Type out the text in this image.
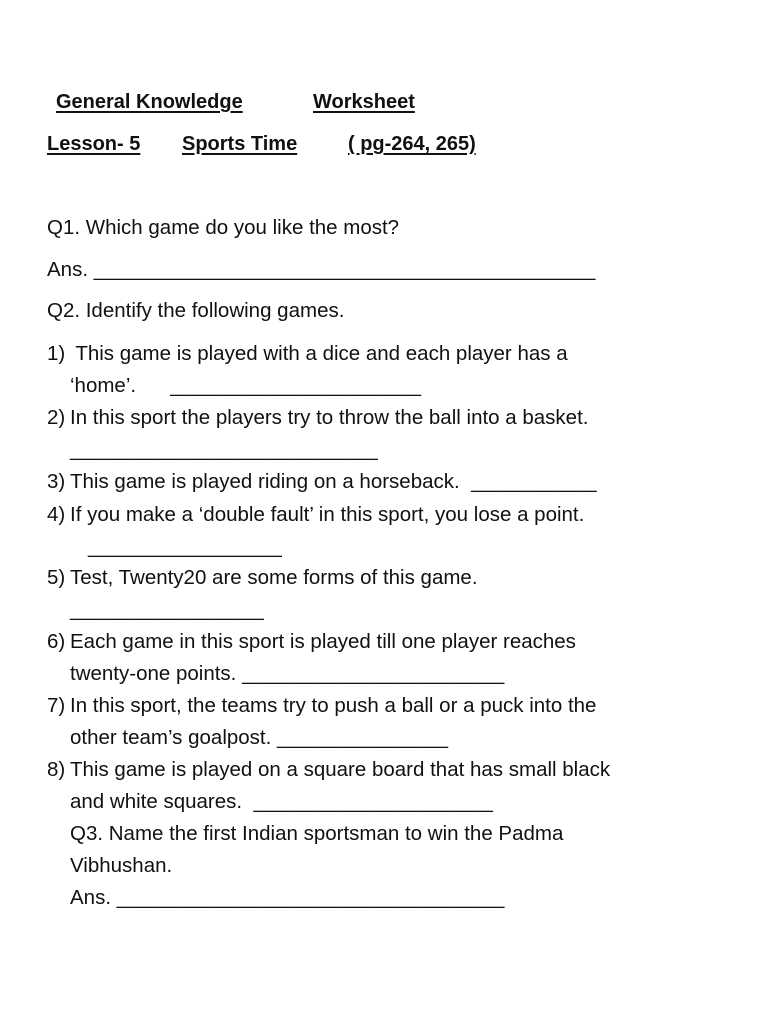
General Knowledge	Worksheet
Lesson- 5 Sports Time	( pg-264, 265)
Q1. Which game do you like the most?
Ans. ____________________________________________
Q2. Identify the following games.
1) This game is played with a dice and each player has a
‘home’.      ______________________
2) In this sport the players try to throw the ball into a basket.
___________________________
3) This game is played riding on a horseback.  ___________
4) If you make a ‘double fault’ in this sport, you lose a point.
_________________
5) Test, Twenty20 are some forms of this game.
_________________
6) Each game in this sport is played till one player reaches
twenty-one points. _______________________
7) In this sport, the teams try to push a ball or a puck into the
other team’s goalpost. _______________
8) This game is played on a square board that has small black
and white squares.  _____________________
Q3. Name the first Indian sportsman to win the Padma
Vibhushan.
Ans. __________________________________
